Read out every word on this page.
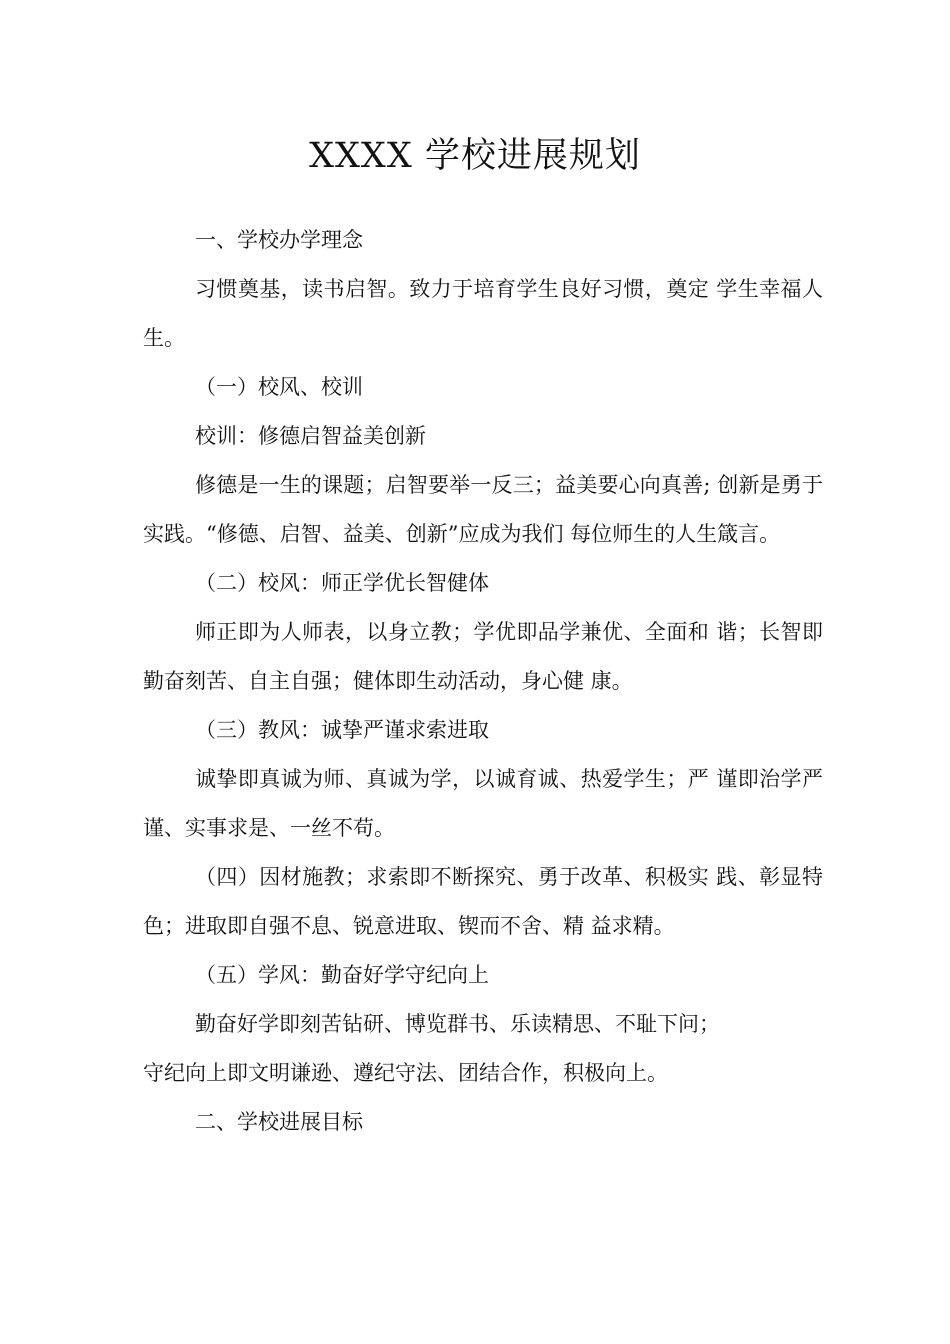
XXXX 学校进展规划

一、学校办学理念

习惯奠基，读书启智。致力于培育学生良好习惯，奠定 学生幸福人生。

（一）校风、校训

校训：修德启智益美创新

修德是一生的课题；启智要举一反三；益美要心向真善; 创新是勇于实践。“修德、启智、益美、创新”应成为我们 每位师生的人生箴言。

（二）校风：师正学优长智健体

师正即为人师表，以身立教；学优即品学兼优、全面和 谐；长智即勤奋刻苦、自主自强；健体即生动活动，身心健 康。

（三）教风：诚挚严谨求索进取

诚挚即真诚为师、真诚为学，以诚育诚、热爱学生；严 谨即治学严谨、实事求是、一丝不苟。

（四）因材施教；求索即不断探究、勇于改革、积极实 践、彰显特色；进取即自强不息、锐意进取、锲而不舍、精 益求精。

（五）学风：勤奋好学守纪向上

勤奋好学即刻苦钻研、博览群书、乐读精思、不耻下问；

守纪向上即文明谦逊、遵纪守法、团结合作，积极向上。

二、学校进展目标
